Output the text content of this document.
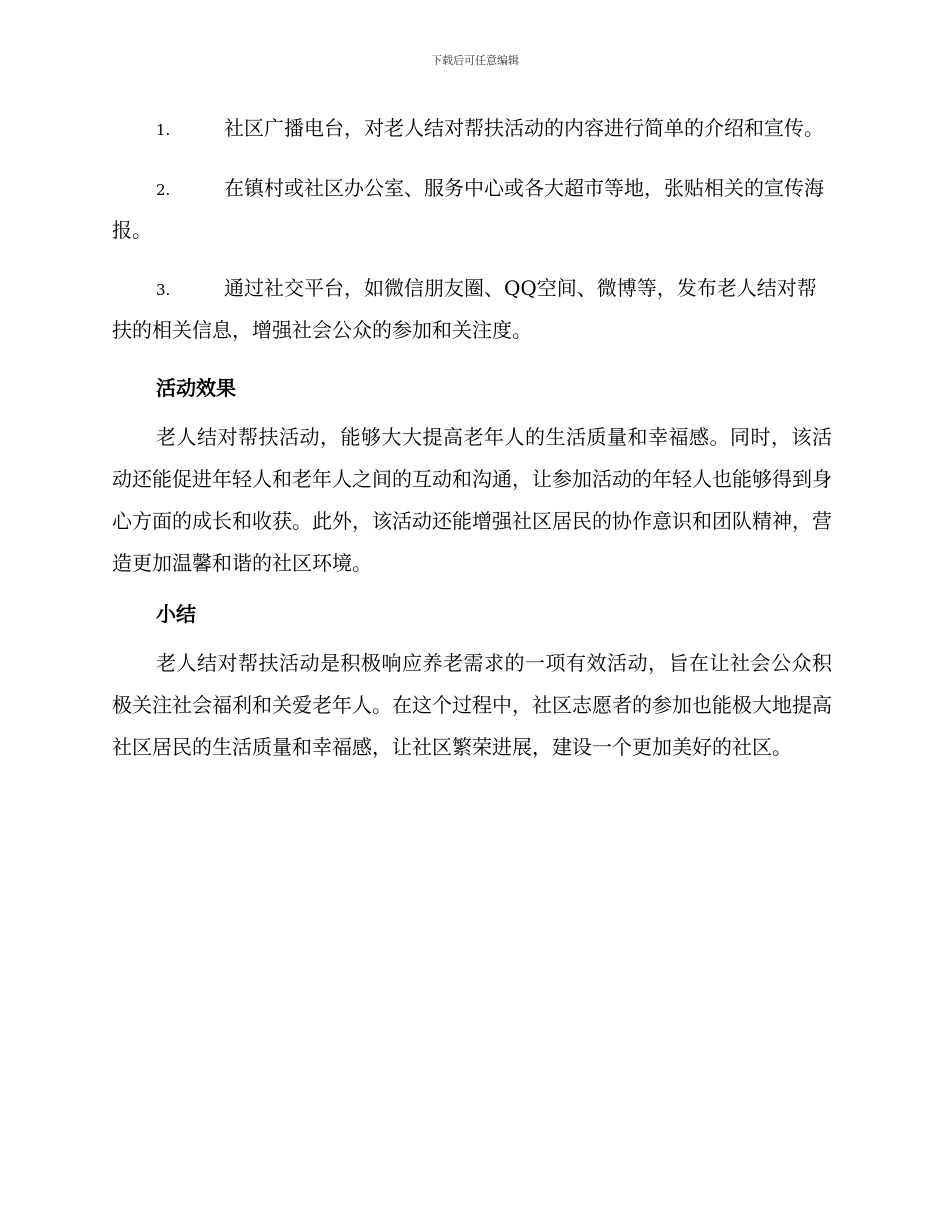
下载后可任意编辑
1.	社区广播电台，对老人结对帮扶活动的内容进行简单的介绍和宣传。
2.	在镇村或社区办公室、服务中心或各大超市等地，张贴相关的宣传海报。
3.	通过社交平台，如微信朋友圈、QQ空间、微博等，发布老人结对帮扶的相关信息，增强社会公众的参加和关注度。
活动效果

老人结对帮扶活动，能够大大提高老年人的生活质量和幸福感。同时，该活动还能促进年轻人和老年人之间的互动和沟通，让参加活动的年轻人也能够得到身心方面的成长和收获。此外，该活动还能增强社区居民的协作意识和团队精神，营造更加温馨和谐的社区环境。

小结

老人结对帮扶活动是积极响应养老需求的一项有效活动，旨在让社会公众积极关注社会福利和关爱老年人。在这个过程中，社区志愿者的参加也能极大地提高社区居民的生活质量和幸福感，让社区繁荣进展，建设一个更加美好的社区。
